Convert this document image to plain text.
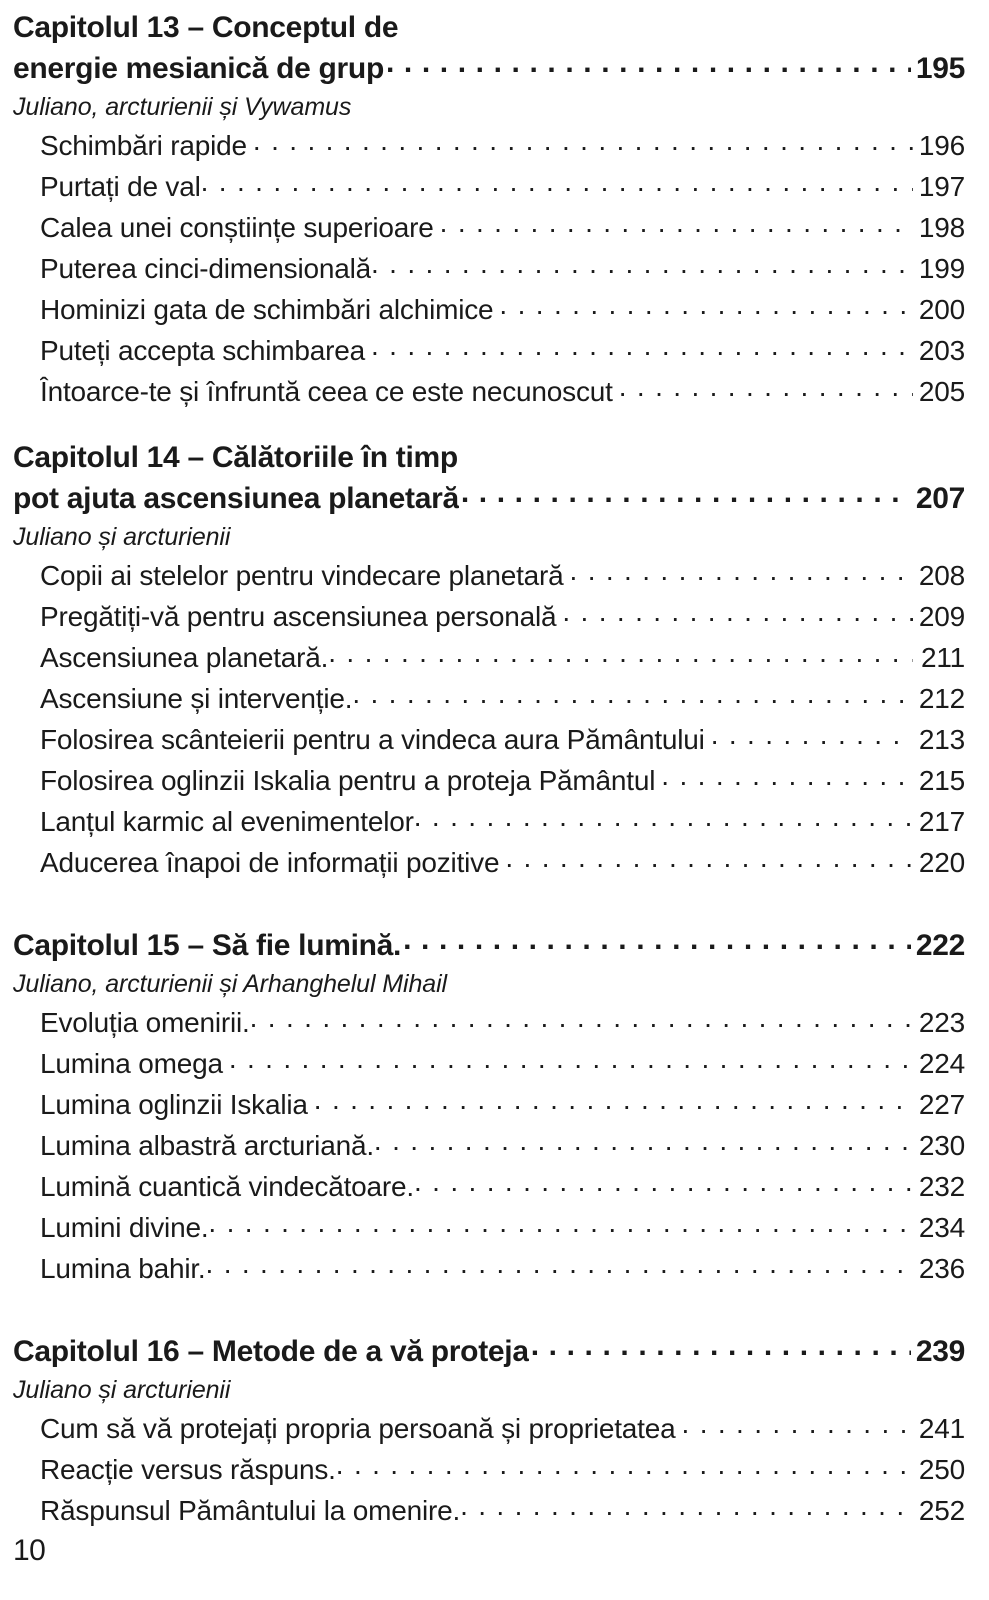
Capitolul 13 – Conceptul de
energie mesianică de grup .....	195
Juliano, arcturienii și Vywamus
Schimbări rapide .....	196
Purtați de val .....	197
Calea unei conștiințe superioare .....	198
Puterea cinci-dimensională .....	199
Hominizi gata de schimbări alchimice .....	200
Puteți accepta schimbarea .....	203
Întoarce-te și înfruntă ceea ce este necunoscut .....	205
Capitolul 14 – Călătoriile în timp
pot ajuta ascensiunea planetară .....	207
Juliano și arcturienii
Copii ai stelelor pentru vindecare planetară .....	208
Pregătiți-vă pentru ascensiunea personală .....	209
Ascensiunea planetară. .....	211
Ascensiune și intervenție. .....	212
Folosirea scânteierii pentru a vindeca aura Pământului .....	213
Folosirea oglinzii Iskalia pentru a proteja Pământul .....	215
Lanțul karmic al evenimentelor .....	217
Aducerea înapoi de informații pozitive .....	220
Capitolul 15 – Să fie lumină. .....	222
Juliano, arcturienii și Arhanghelul Mihail
Evoluția omenirii. .....	223
Lumina omega .....	224
Lumina oglinzii Iskalia .....	227
Lumina albastră arcturiană. .....	230
Lumină cuantică vindecătoare. .....	232
Lumini divine. .....	234
Lumina bahir. .....	236
Capitolul 16 – Metode de a vă proteja .....	239
Juliano și arcturienii
Cum să vă protejați propria persoană și proprietatea .....	241
Reacție versus răspuns. .....	250
Răspunsul Pământului la omenire. .....	252
10
